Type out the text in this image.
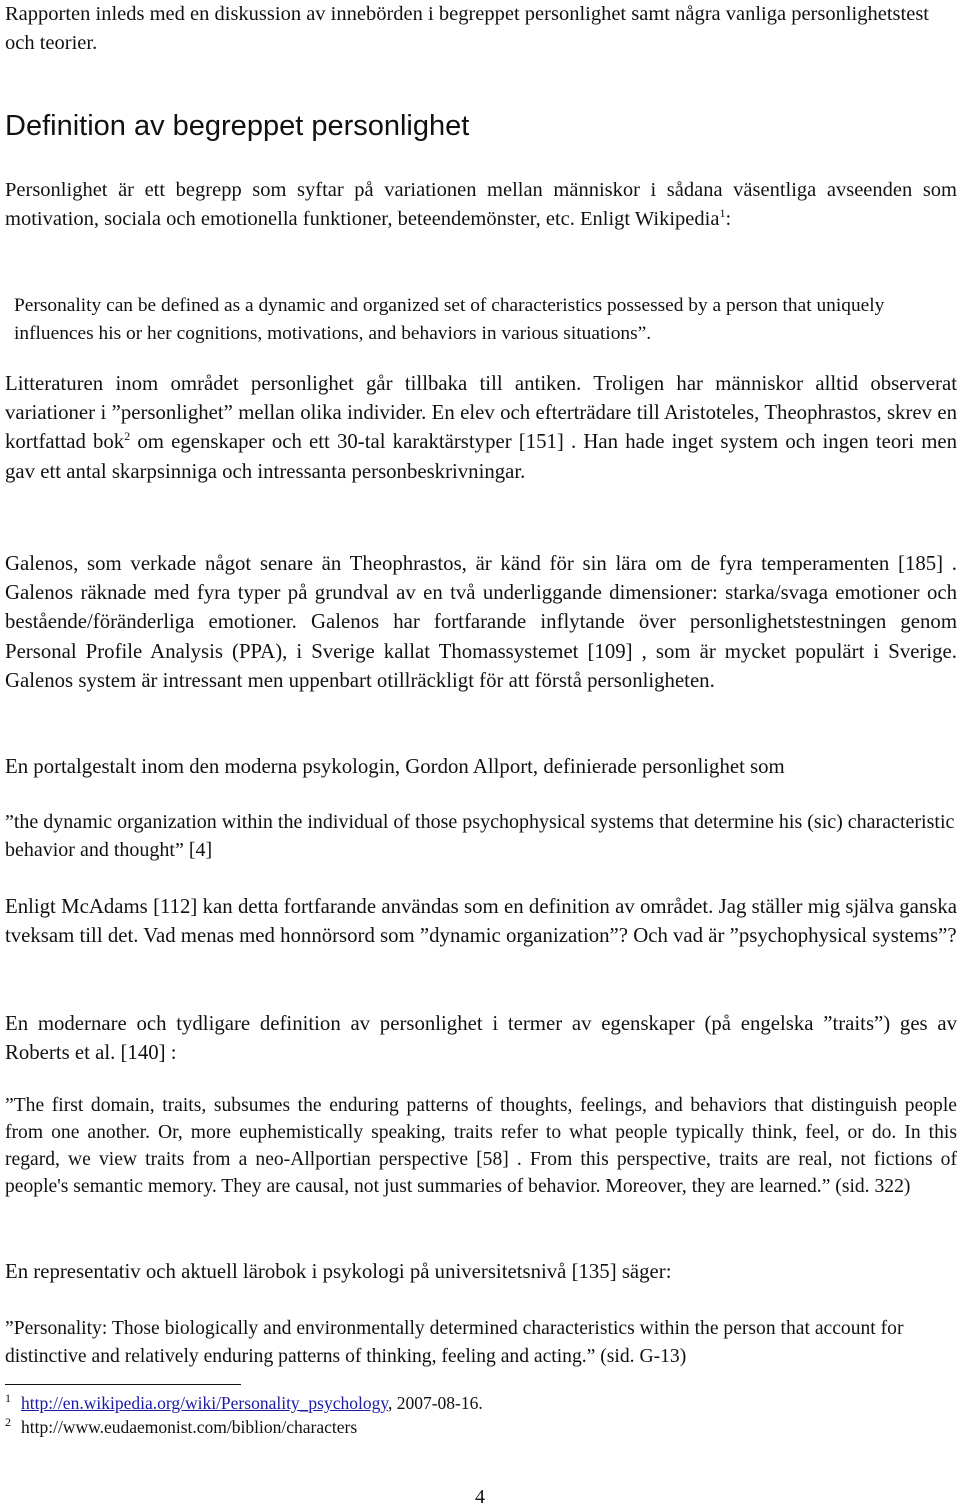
Rapporten inleds med en diskussion av innebörden i begreppet personlighet samt några vanliga personlighetstest och teorier.

Definition av begreppet personlighet

Personlighet är ett begrepp som syftar på variationen mellan människor i sådana väsentliga avseenden som motivation, sociala och emotionella funktioner, beteendemönster, etc. Enligt Wikipedia$^1$:

Personality can be defined as a dynamic and organized set of characteristics possessed by a person that uniquely influences his or her cognitions, motivations, and behaviors in various situations”.

Litteraturen inom området personlighet går tillbaka till antiken. Troligen har människor alltid observerat variationer i ”personlighet” mellan olika individer. En elev och efterträdare till Aristoteles, Theophrastos, skrev en kortfattad bok$^2$ om egenskaper och ett 30-tal karaktärstyper [151] . Han hade inget system och ingen teori men gav ett antal skarpsinniga och intressanta personbeskrivningar.

Galenos, som verkade något senare än Theophrastos, är känd för sin lära om de fyra temperamenten [185] . Galenos räknade med fyra typer på grundval av en två underliggande dimensioner: starka/svaga emotioner och bestående/föränderliga emotioner. Galenos har fortfarande inflytande över personlighetstestningen genom Personal Profile Analysis (PPA), i Sverige kallat Thomassystemet [109] , som är mycket populärt i Sverige. Galenos system är intressant men uppenbart otillräckligt för att förstå personligheten.

En portalgestalt inom den moderna psykologin, Gordon Allport, definierade personlighet som

”the dynamic organization within the individual of those psychophysical systems that determine his (sic) characteristic behavior and thought” [4]

Enligt McAdams [112] kan detta fortfarande användas som en definition av området. Jag ställer mig själva ganska tveksam till det. Vad menas med honnörsord som ”dynamic organization”? Och vad är ”psychophysical systems”?

En modernare och tydligare definition av personlighet i termer av egenskaper (på engelska ”traits”) ges av Roberts et al. [140] :

”The first domain, traits, subsumes the enduring patterns of thoughts, feelings, and behaviors that distinguish people from one another. Or, more euphemistically speaking, traits refer to what people typically think, feel, or do. In this regard, we view traits from a neo-Allportian perspective [58] . From this perspective, traits are real, not fictions of people's semantic memory. They are causal, not just summaries of behavior. Moreover, they are learned.” (sid. 322)

En representativ och aktuell lärobok i psykologi på universitetsnivå [135] säger:

”Personality: Those biologically and environmentally determined characteristics within the person that account for distinctive and relatively enduring patterns of thinking, feeling and acting.” (sid. G-13)

$^1$ http://en.wikipedia.org/wiki/Personality_psychology, 2007-08-16.

$^2$ http://www.eudaemonist.com/biblion/characters

4
